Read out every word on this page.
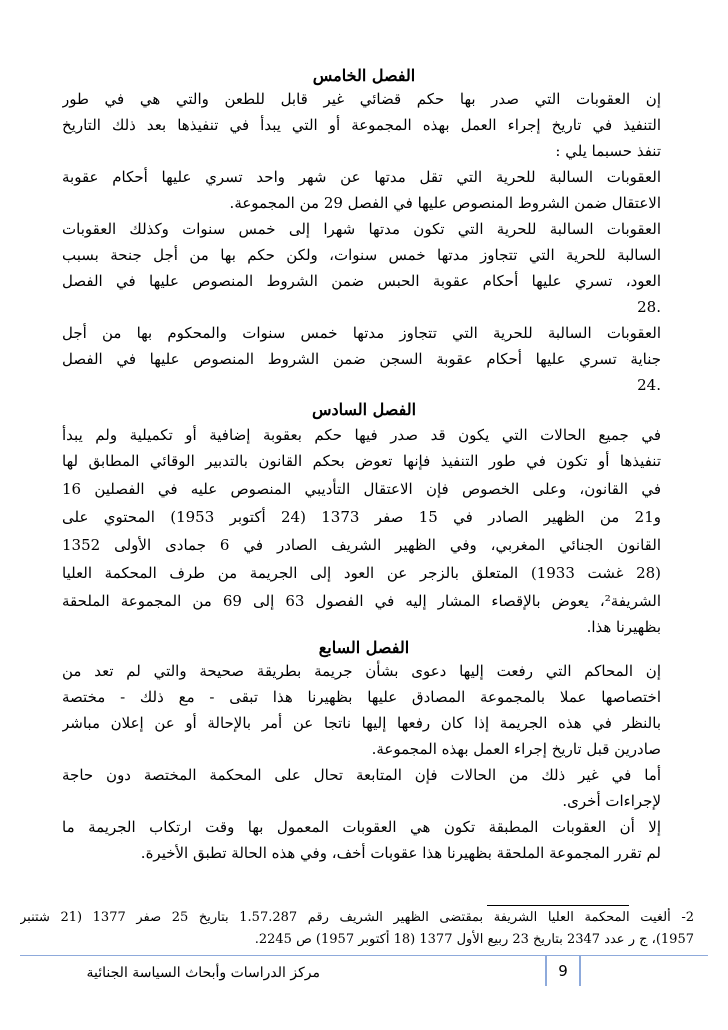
الفصل الخامس
إن العقوبات التي صدر بها حكم قضائي غير قابل للطعن والتي هي في طور
التنفيذ في تاريخ إجراء العمل بهذه المجموعة أو التي يبدأ في تنفيذها بعد ذلك التاريخ
تنفذ حسبما يلي :
العقوبات السالبة للحرية التي تقل مدتها عن شهر واحد تسري عليها أحكام عقوبة
الاعتقال ضمن الشروط المنصوص عليها في الفصل 29 من المجموعة.
العقوبات السالبة للحرية التي تكون مدتها شهرا إلى خمس سنوات وكذلك العقوبات
السالبة للحرية التي تتجاوز مدتها خمس سنوات، ولكن حكم بها من أجل جنحة بسبب
العود، تسري عليها أحكام عقوبة الحبس ضمن الشروط المنصوص عليها في الفصل
.28
العقوبات السالبة للحرية التي تتجاوز مدتها خمس سنوات والمحكوم بها من أجل
جناية تسري عليها أحكام عقوبة السجن ضمن الشروط المنصوص عليها في الفصل
.24
الفصل السادس
في جميع الحالات التي يكون قد صدر فيها حكم بعقوبة إضافية أو تكميلية ولم يبدأ
تنفيذها أو تكون في طور التنفيذ فإنها تعوض بحكم القانون بالتدبير الوقائي المطابق لها
في القانون، وعلى الخصوص فإن الاعتقال التأديبي المنصوص عليه في الفصلين 16
و21 من الظهير الصادر في 15 صفر 1373 (24 أكتوبر 1953) المحتوي على
القانون الجنائي المغربي، وفي الظهير الشريف الصادر في 6 جمادى الأولى 1352
(28 غشت 1933) المتعلق بالزجر عن العود إلى الجريمة من طرف المحكمة العليا
الشريفة²، يعوض بالإقصاء المشار إليه في الفصول 63 إلى 69 من المجموعة الملحقة
بظهيرنا هذا.
الفصل السابع
إن المحاكم التي رفعت إليها دعوى بشأن جريمة بطريقة صحيحة والتي لم تعد من
اختصاصها عملا بالمجموعة المصادق عليها بظهيرنا هذا تبقى - مع ذلك - مختصة
بالنظر في هذه الجريمة إذا كان رفعها إليها ناتجا عن أمر بالإحالة أو عن إعلان مباشر
صادرين قبل تاريخ إجراء العمل بهذه المجموعة.
أما في غير ذلك من الحالات فإن المتابعة تحال على المحكمة المختصة دون حاجة
لإجراءات أخرى.
إلا أن العقوبات المطبقة تكون هي العقوبات المعمول بها وقت ارتكاب الجريمة ما
لم تقرر المجموعة الملحقة بظهيرنا هذا عقوبات أخف، وفي هذه الحالة تطبق الأخيرة.
2- ألغيت المحكمة العليا الشريفة بمقتضى الظهير الشريف رقم 1.57.287 بتاريخ 25 صفر 1377 (21 شتنبر
1957)، ج ر عدد 2347 بتاريخ 23 ربيع الأول 1377 (18 أكتوبر 1957) ص 2245.
9
مركز الدراسات وأبحاث السياسة الجنائية
